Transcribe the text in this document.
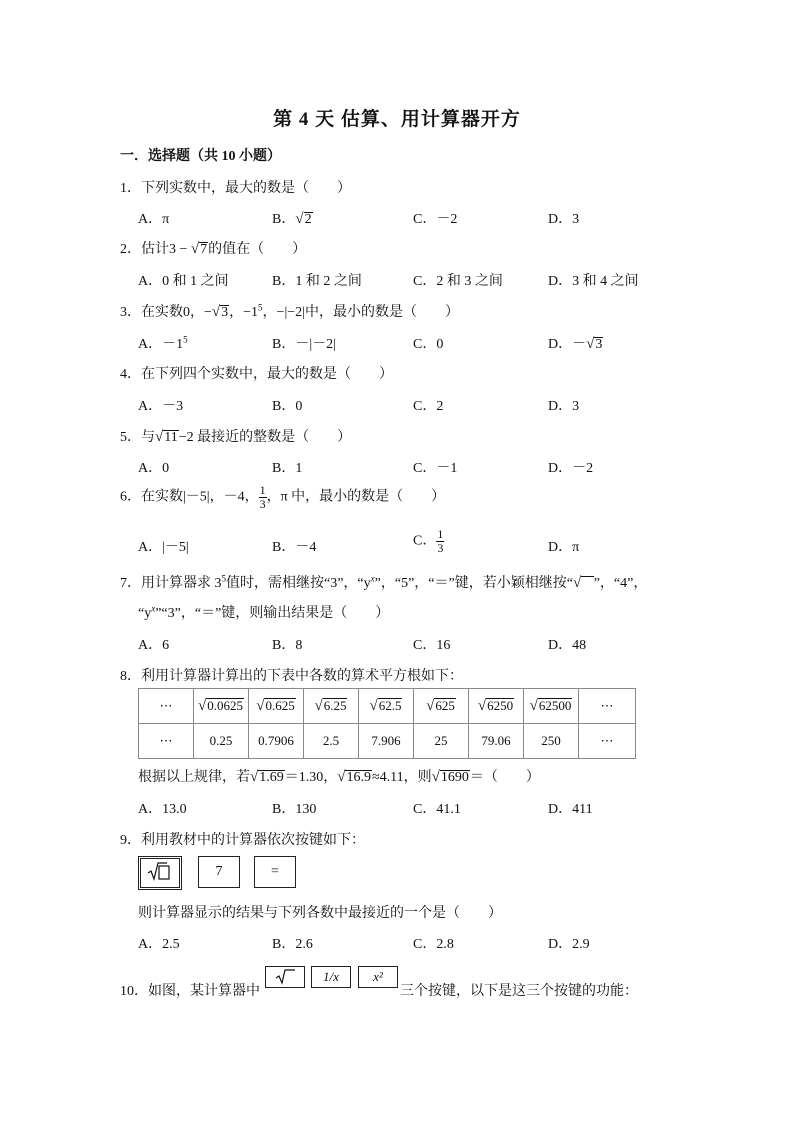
第 4 天 估算、用计算器开方
一．选择题（共 10 小题）
1．下列实数中，最大的数是（　　）
A．π	B．√2	C．－2	D．3
2．估计3 − √7的值在（　　）
A．0 和 1 之间	B．1 和 2 之间	C．2 和 3 之间	D．3 和 4 之间
3．在实数0，−√3，$-1^5$，−|−2|中，最小的数是（　　）
A．$-1^5$	B．－|－2|	C．0	D．－√3
4．在下列四个实数中，最大的数是（　　）
A．－3	B．0	C．2	D．3
5．与√11−2 最接近的整数是（　　）
A．0	B．1	C．－1	D．－2
6．在实数|－5|，－4， $\frac{1}{3}$ ，π 中，最小的数是（　　）
A．|－5|	B．－4	C． $\frac{1}{3}$	D．π
7．用计算器求 $3^5$值时，需相继按“3”，“$y^x$”，“5”，“＝”键，若小颖相继按“√ ”，“4”，
“$y^x”“3$”，“＝”键，则输出结果是（　　）
A．6	B．8	C．16	D．48
8．利用计算器计算出的下表中各数的算术平方根如下：
⋯	√0.0625	√0.625	√6.25	√62.5	√625	√6250	√62500	⋯
⋯	0.25	0.7906	2.5	7.906	25	79.06	250	⋯
根据以上规律，若√1.69＝1.30，√16.9≈4.11，则√1690＝（　　）
A．13.0	B．130	C．41.1	D．411
9．利用教材中的计算器依次按键如下：
7	=
则计算器显示的结果与下列各数中最接近的一个是（　　）
A．2.5	B．2.6	C．2.8	D．2.9
10．如图，某计算器中
1/x	x²
三个按键，以下是这三个按键的功能：
